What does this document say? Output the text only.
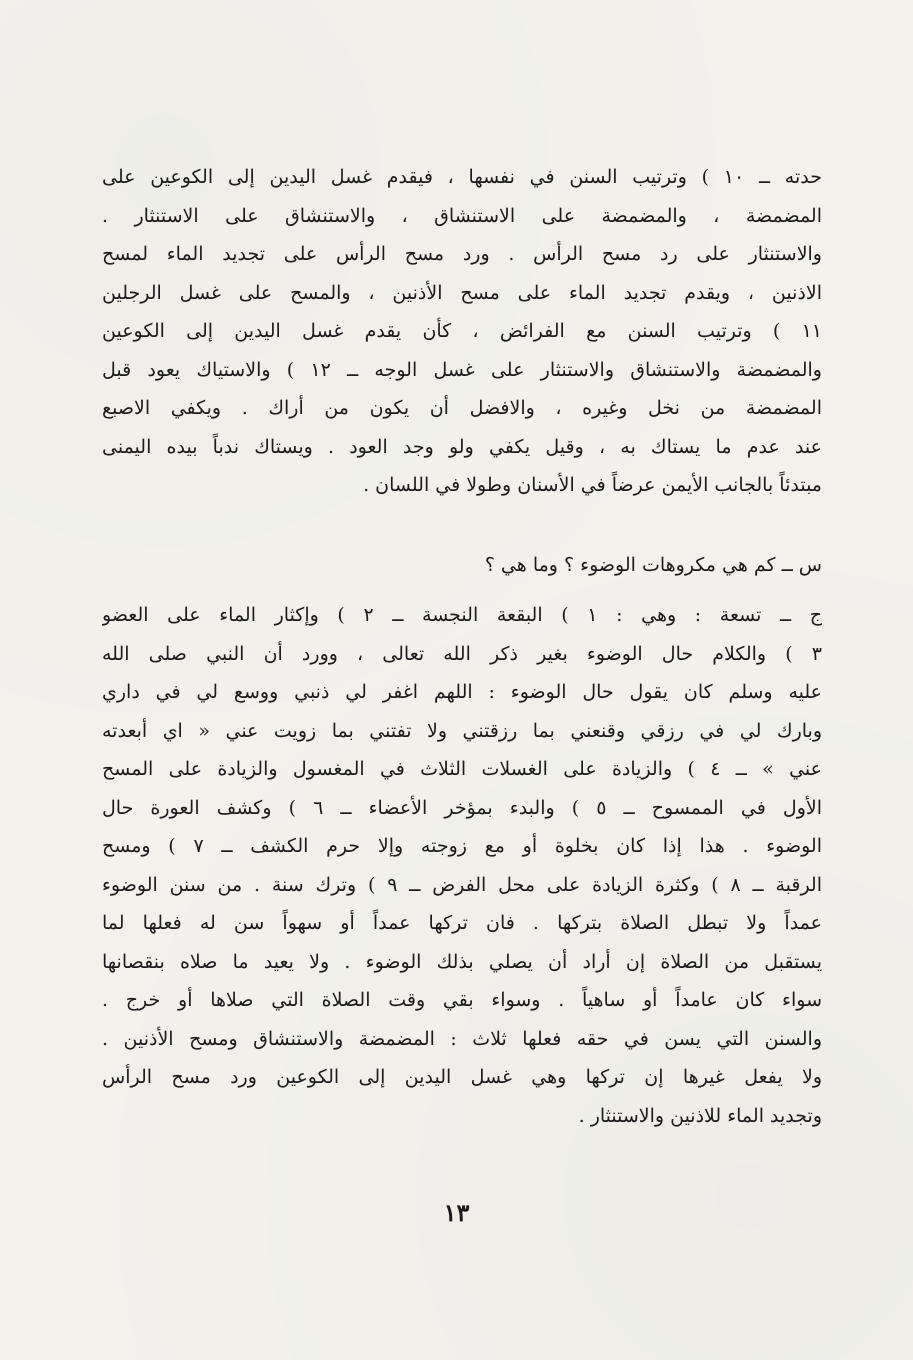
حدته ــ ١٠ ) وترتيب السنن في نفسها ، فيقدم غسل اليدين إلى الكوعين على
المضمضة ، والمضمضة على الاستنشاق ، والاستنشاق على الاستنثار .
والاستنثار على رد مسح الرأس . ورد مسح الرأس على تجديد الماء لمسح
الاذنين ، ويقدم تجديد الماء على مسح الأذنين ، والمسح على غسل الرجلين
١١ ) وترتيب السنن مع الفرائض ، كأن يقدم غسل اليدين إلى الكوعين
والمضمضة والاستنشاق والاستنثار على غسل الوجه ــ ١٢ ) والاستياك يعود قبل
المضمضة من نخل وغيره ، والافضل أن يكون من أراك . ويكفي الاصبع
عند عدم ما يستاك به ، وقيل يكفي ولو وجد العود . ويستاك ندباً بيده اليمنى
مبتدئاً بالجانب الأيمن عرضاً في الأسنان وطولا في اللسان .
س ــ كم هي مكروهات الوضوء ؟ وما هي ؟
ج ــ تسعة : وهي : ١ ) البقعة النجسة ــ ٢ ) وإكثار الماء على العضو
٣ ) والكلام حال الوضوء بغير ذكر الله تعالى ، وورد أن النبي صلى الله
عليه وسلم كان يقول حال الوضوء : اللهم اغفر لي ذنبي ووسع لي في داري
وبارك لي في رزقي وقنعني بما رزقتني ولا تفتني بما زويت عني « اي أبعدته
عني » ــ ٤ ) والزيادة على الغسلات الثلاث في المغسول والزيادة على المسح
الأول في الممسوح ــ ٥ ) والبدء بمؤخر الأعضاء ــ ٦ ) وكشف العورة حال
الوضوء . هذا إذا كان بخلوة أو مع زوجته وإلا حرم الكشف ــ ٧ ) ومسح
الرقبة ــ ٨ ) وكثرة الزيادة على محل الفرض ــ ٩ ) وترك سنة . من سنن الوضوء
عمداً ولا تبطل الصلاة بتركها . فان تركها عمداً أو سهواً سن له فعلها لما
يستقبل من الصلاة إن أراد أن يصلي بذلك الوضوء . ولا يعيد ما صلاه بنقصانها
سواء كان عامداً أو ساهياً . وسواء بقي وقت الصلاة التي صلاها أو خرج .
والسنن التي يسن في حقه فعلها ثلاث : المضمضة والاستنشاق ومسح الأذنين .
ولا يفعل غيرها إن تركها وهي غسل اليدين إلى الكوعين ورد مسح الرأس
وتجديد الماء للاذنين والاستنثار .
١٣
